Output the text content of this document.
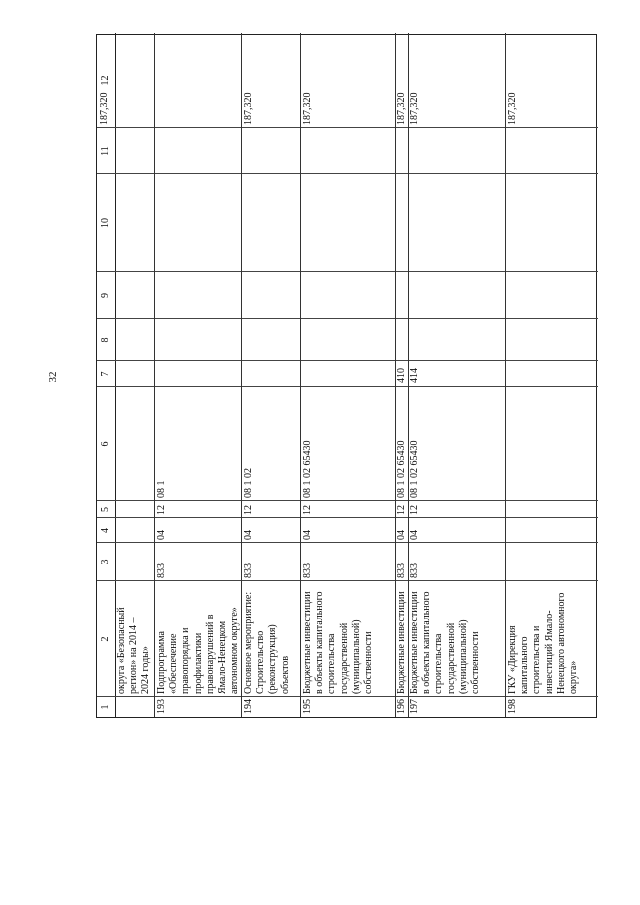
32
1
2
3
4
5
6
7
8
9
10
11
12
округа «Безопасный
регион» на 2014 –
2024 годы»
193
Подпрограмма
«Обеспечение
правопорядка и
профилактики
правонарушений в
Ямало-Ненецком
автономном округе»
833
04
12
08 1
187,320
194
Основное мероприятие:
Строительство
(реконструкция)
объектов
833
04
12
08 1 02
187,320
195
Бюджетные инвестиции
в объекты капитального
строительства
государственной
(муниципальной)
собственности
833
04
12
08 1 02 65430
187,320
196
Бюджетные инвестиции
833
04
12
08 1 02 65430
410
187,320
197
Бюджетные инвестиции
в объекты капитального
строительства
государственной
(муниципальной)
собственности
833
04
12
08 1 02 65430
414
187,320
198
ГКУ «Дирекция
капитального
строительства и
инвестиций Ямало-
Ненецкого автономного
округа»
187,320
